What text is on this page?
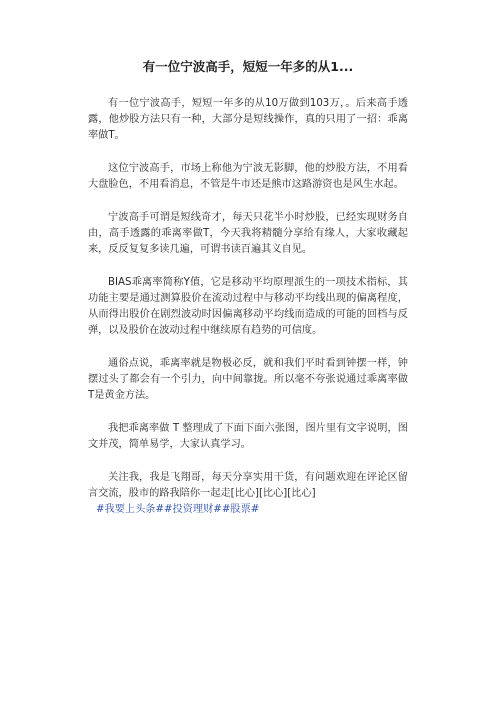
有一位宁波高手，短短一年多的从1...
有一位宁波高手，短短一年多的从10万做到103万，。后来高手透露，他炒股方法只有一种，大部分是短线操作，真的只用了一招：乖离率做T。
这位宁波高手，市场上称他为宁波无影脚，他的炒股方法，不用看大盘脸色，不用看消息，不管是牛市还是熊市这路游资也是风生水起。
宁波高手可谓是短线奇才，每天只花半小时炒股，已经实现财务自由，高手透露的乖离率做T，今天我将精髓分享给有缘人，大家收藏起来，反反复复多读几遍，可谓书读百遍其义自见。
BIAS乖离率简称Y值，它是移动平均原理派生的一项技术指标，其功能主要是通过测算股价在流动过程中与移动平均线出现的偏离程度，从而得出股价在剧烈波动时因偏离移动平均线而造成的可能的回档与反弹，以及股价在波动过程中继续原有趋势的可信度。
通俗点说，乖离率就是物极必反，就和我们平时看到钟摆一样，钟摆过头了都会有一个引力，向中间靠拢。所以毫不夸张说通过乖离率做T是黄金方法。
我把乖离率做 T 整理成了下面下面六张图，图片里有文字说明，图文并茂，简单易学，大家认真学习。
关注我，我是飞翔哥，每天分享实用干货，有问题欢迎在评论区留言交流，股市的路我陪你一起走[比心][比心][比心]
#我要上头条##投资理财##股票#
